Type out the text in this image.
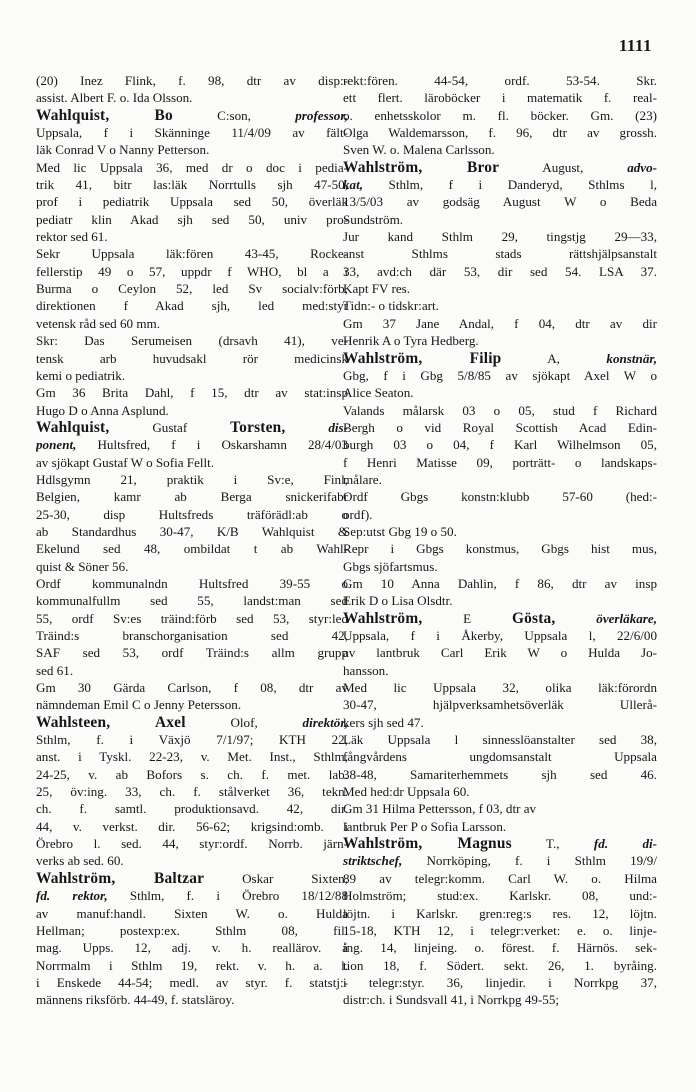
1111
(20) Inez Flink, f. 98, dtr av disp:-
assist. Albert F. o. Ida Olsson.
Wahlquist, Bo C:son, professor,
Uppsala, f i Skänninge 11/4/09 av fält-
läk Conrad V o Nanny Petterson.
Med lic Uppsala 36, med dr o doc i pedia-
trik 41, bitr las:läk Norrtulls sjh 47-50,
prof i pediatrik Uppsala sed 50, överläk
pediatr klin Akad sjh sed 50, univ pro-
rektor sed 61.
Sekr Uppsala läk:fören 43-45, Rocke-
fellerstip 49 o 57, uppdr f WHO, bl a i
Burma o Ceylon 52, led Sv socialv:förb,
direktionen f Akad sjh, led med:styr
vetensk råd sed 60 mm.
Skr: Das Serumeisen (drsavh 41), ve-
tensk arb huvudsakl rör medicinsk
kemi o pediatrik.
Gm 36 Brita Dahl, f 15, dtr av stat:insp
Hugo D o Anna Asplund.
Wahlquist, Gustaf Torsten,	dis-
ponent, Hultsfred, f i Oskarshamn 28/4/03
av sjökapt Gustaf W o Sofia Fellt.
Hdlsgymn 21, praktik i Sv:e, Finl,
Belgien, kamr ab Berga snickerifabr
25-30, disp Hultsfreds träförädl:ab o
ab Standardhus 30-47, K/B Wahlquist &
Ekelund sed 48, ombildat t ab Wahl-
quist & Söner 56.
Ordf kommunalndn Hultsfred 39-55 o
kommunalfullm sed 55, landst:man sed
55, ordf Sv:es träind:förb sed 53, styr:led
Träind:s branschorganisation sed 42,
SAF sed 53, ordf Träind:s allm grupp
sed 61.
Gm 30 Gärda Carlson, f 08, dtr av
nämndeman Emil C o Jenny Petersson.
Wahlsteen, Axel Olof, direktör,
Sthlm, f. i Växjö 7/1/97; KTH 22,
anst. i Tyskl. 22-23, v. Met. Inst., Sthlm,
24-25, v. ab Bofors s. ch. f. met. lab.
25, öv:ing. 33, ch. f. stålverket 36, tekn.
ch. f. samtl. produktionsavd. 42, dir.
44, v. verkst. dir. 56-62; krigsind:omb. i
Örebro l. sed. 44, styr:ordf. Norrb. järn-
verks ab sed. 60.
Wahlström, Baltzar Oskar Sixten,
fd. rektor, Sthlm, f. i Örebro 18/12/88
av manuf:handl. Sixten W. o. Hulda
Hellman; postexp:ex. Sthlm 08, fil.
mag. Upps. 12, adj. v. h. reallärov. å
Norrmalm i Sthlm 19, rekt. v. h. a. l.
i Enskede 44-54; medl. av styr. f. statstj:-
männens riksförb. 44-49, f. statsläroy.
rekt:fören. 44-54, ordf. 53-54. Skr.
ett flert. läroböcker i matematik f. real-
o. enhetsskolor m. fl. böcker. Gm. (23)
Olga Waldemarsson, f. 96, dtr av grossh.
Sven W. o. Malena Carlsson.
Wahlström, Bror August, advo-
kat, Sthlm, f i Danderyd, Sthlms l,
13/5/03 av godsäg August W o Beda
Sundström.
Jur kand Sthlm 29, tingstjg 29—33,
anst Sthlms stads rättshjälpsanstalt
33, avd:ch där 53, dir sed 54. LSA 37.
Kapt FV res.
Tidn:- o tidskr:art.
Gm 37 Jane Andal, f 04, dtr av dir
Henrik A o Tyra Hedberg.
Wahlström, Filip A, konstnär,
Gbg, f i Gbg 5/8/85 av sjökapt Axel W o
Alice Seaton.
Valands målarsk 03 o 05, stud f Richard
Bergh o vid Royal Scottish Acad Edin-
burgh 03 o 04, f Karl Wilhelmson 05,
f Henri Matisse 09, porträtt- o landskaps-
målare.
Ordf Gbgs konstn:klubb 57-60 (hed:-
ordf).
Sep:utst Gbg 19 o 50.
Repr i Gbgs konstmus, Gbgs hist mus,
Gbgs sjöfartsmus.
Gm 10 Anna Dahlin, f 86, dtr av insp
Erik D o Lisa Olsdtr.
Wahlström, E Gösta,	överläkare,
Uppsala, f i Åkerby, Uppsala l, 22/6/00
av lantbruk Carl Erik W o Hulda Jo-
hansson.
Med lic Uppsala 32, olika läk:förordn
30-47, hjälpverksamhetsöverläk Ullerå-
kers sjh sed 47.
Läk Uppsala l sinnesslöanstalter sed 38,
fångvårdens ungdomsanstalt Uppsala
38-48, Samariterhemmets sjh sed 46.
Med hed:dr Uppsala 60.
Gm 31 Hilma Pettersson, f 03, dtr av
lantbruk Per P o Sofia Larsson.
Wahlström, Magnus T., fd. di-
striktschef, Norrköping, f. i Sthlm 19/9/
89 av telegr:komm. Carl W. o. Hilma
Holmström; stud:ex. Karlskr. 08, und:-
löjtn. i Karlskr. gren:reg:s res. 12, löjtn.
15-18, KTH 12, i telegr:verket: e. o. linje-
ing. 14, linjeing. o. förest. f. Härnös. sek-
tion 18, f. Södert. sekt. 26, 1. byråing.
i telegr:styr. 36, linjedir. i Norrkpg 37,
distr:ch. i Sundsvall 41, i Norrkpg 49-55;
